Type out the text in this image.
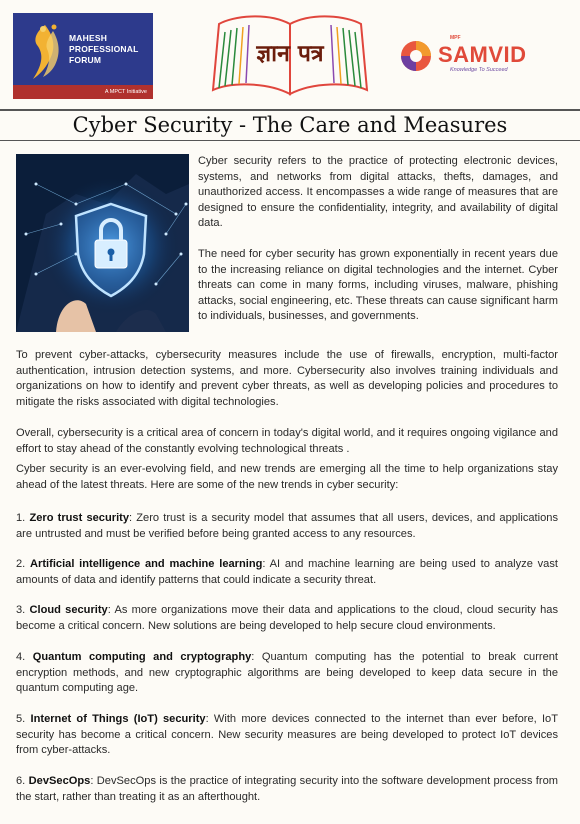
MAHESH
PROFESSIONAL
FORUM
A MPCT Initiative
ज्ञान पत्र
MPF
SAMVID
Knowledge To Succeed
Cyber Security - The Care and Measures
Cyber security refers to the practice of protecting electronic devices, systems, and networks from digital attacks, thefts, damages, and unauthorized access. It encompasses a wide range of measures that are designed to ensure the confidentiality, integrity, and availability of digital data.
The need for cyber security has grown exponentially in recent years due to the increasing reliance on digital technologies and the internet. Cyber threats can come in many forms, including viruses, malware, phishing attacks, social engineering, etc. These threats can cause significant harm to individuals, businesses, and governments.
To prevent cyber-attacks, cybersecurity measures include the use of firewalls, encryption, multi-factor authentication, intrusion detection systems, and more. Cybersecurity also involves training individuals and organizations on how to identify and prevent cyber threats, as well as developing policies and procedures to mitigate the risks associated with digital technologies.
Overall, cybersecurity is a critical area of concern in today's digital world, and it requires ongoing vigilance and effort to stay ahead of the constantly evolving technological threats .
Cyber security is an ever-evolving field, and new trends are emerging all the time to help organizations stay ahead of the latest threats. Here are some of the new trends in cyber security:
1. Zero trust security: Zero trust is a security model that assumes that all users, devices, and applications are untrusted and must be verified before being granted access to any resources.
2. Artificial intelligence and machine learning: AI and machine learning are being used to analyze vast amounts of data and identify patterns that could indicate a security threat.
3. Cloud security: As more organizations move their data and applications to the cloud, cloud security has become a critical concern. New solutions are being developed to help secure cloud environments.
4. Quantum computing and cryptography: Quantum computing has the potential to break current encryption methods, and new cryptographic algorithms are being developed to keep data secure in the quantum computing age.
5. Internet of Things (IoT) security: With more devices connected to the internet than ever before, IoT security has become a critical concern. New security measures are being developed to protect IoT devices from cyber-attacks.
6. DevSecOps: DevSecOps is the practice of integrating security into the software development process from the start, rather than treating it as an afterthought.
